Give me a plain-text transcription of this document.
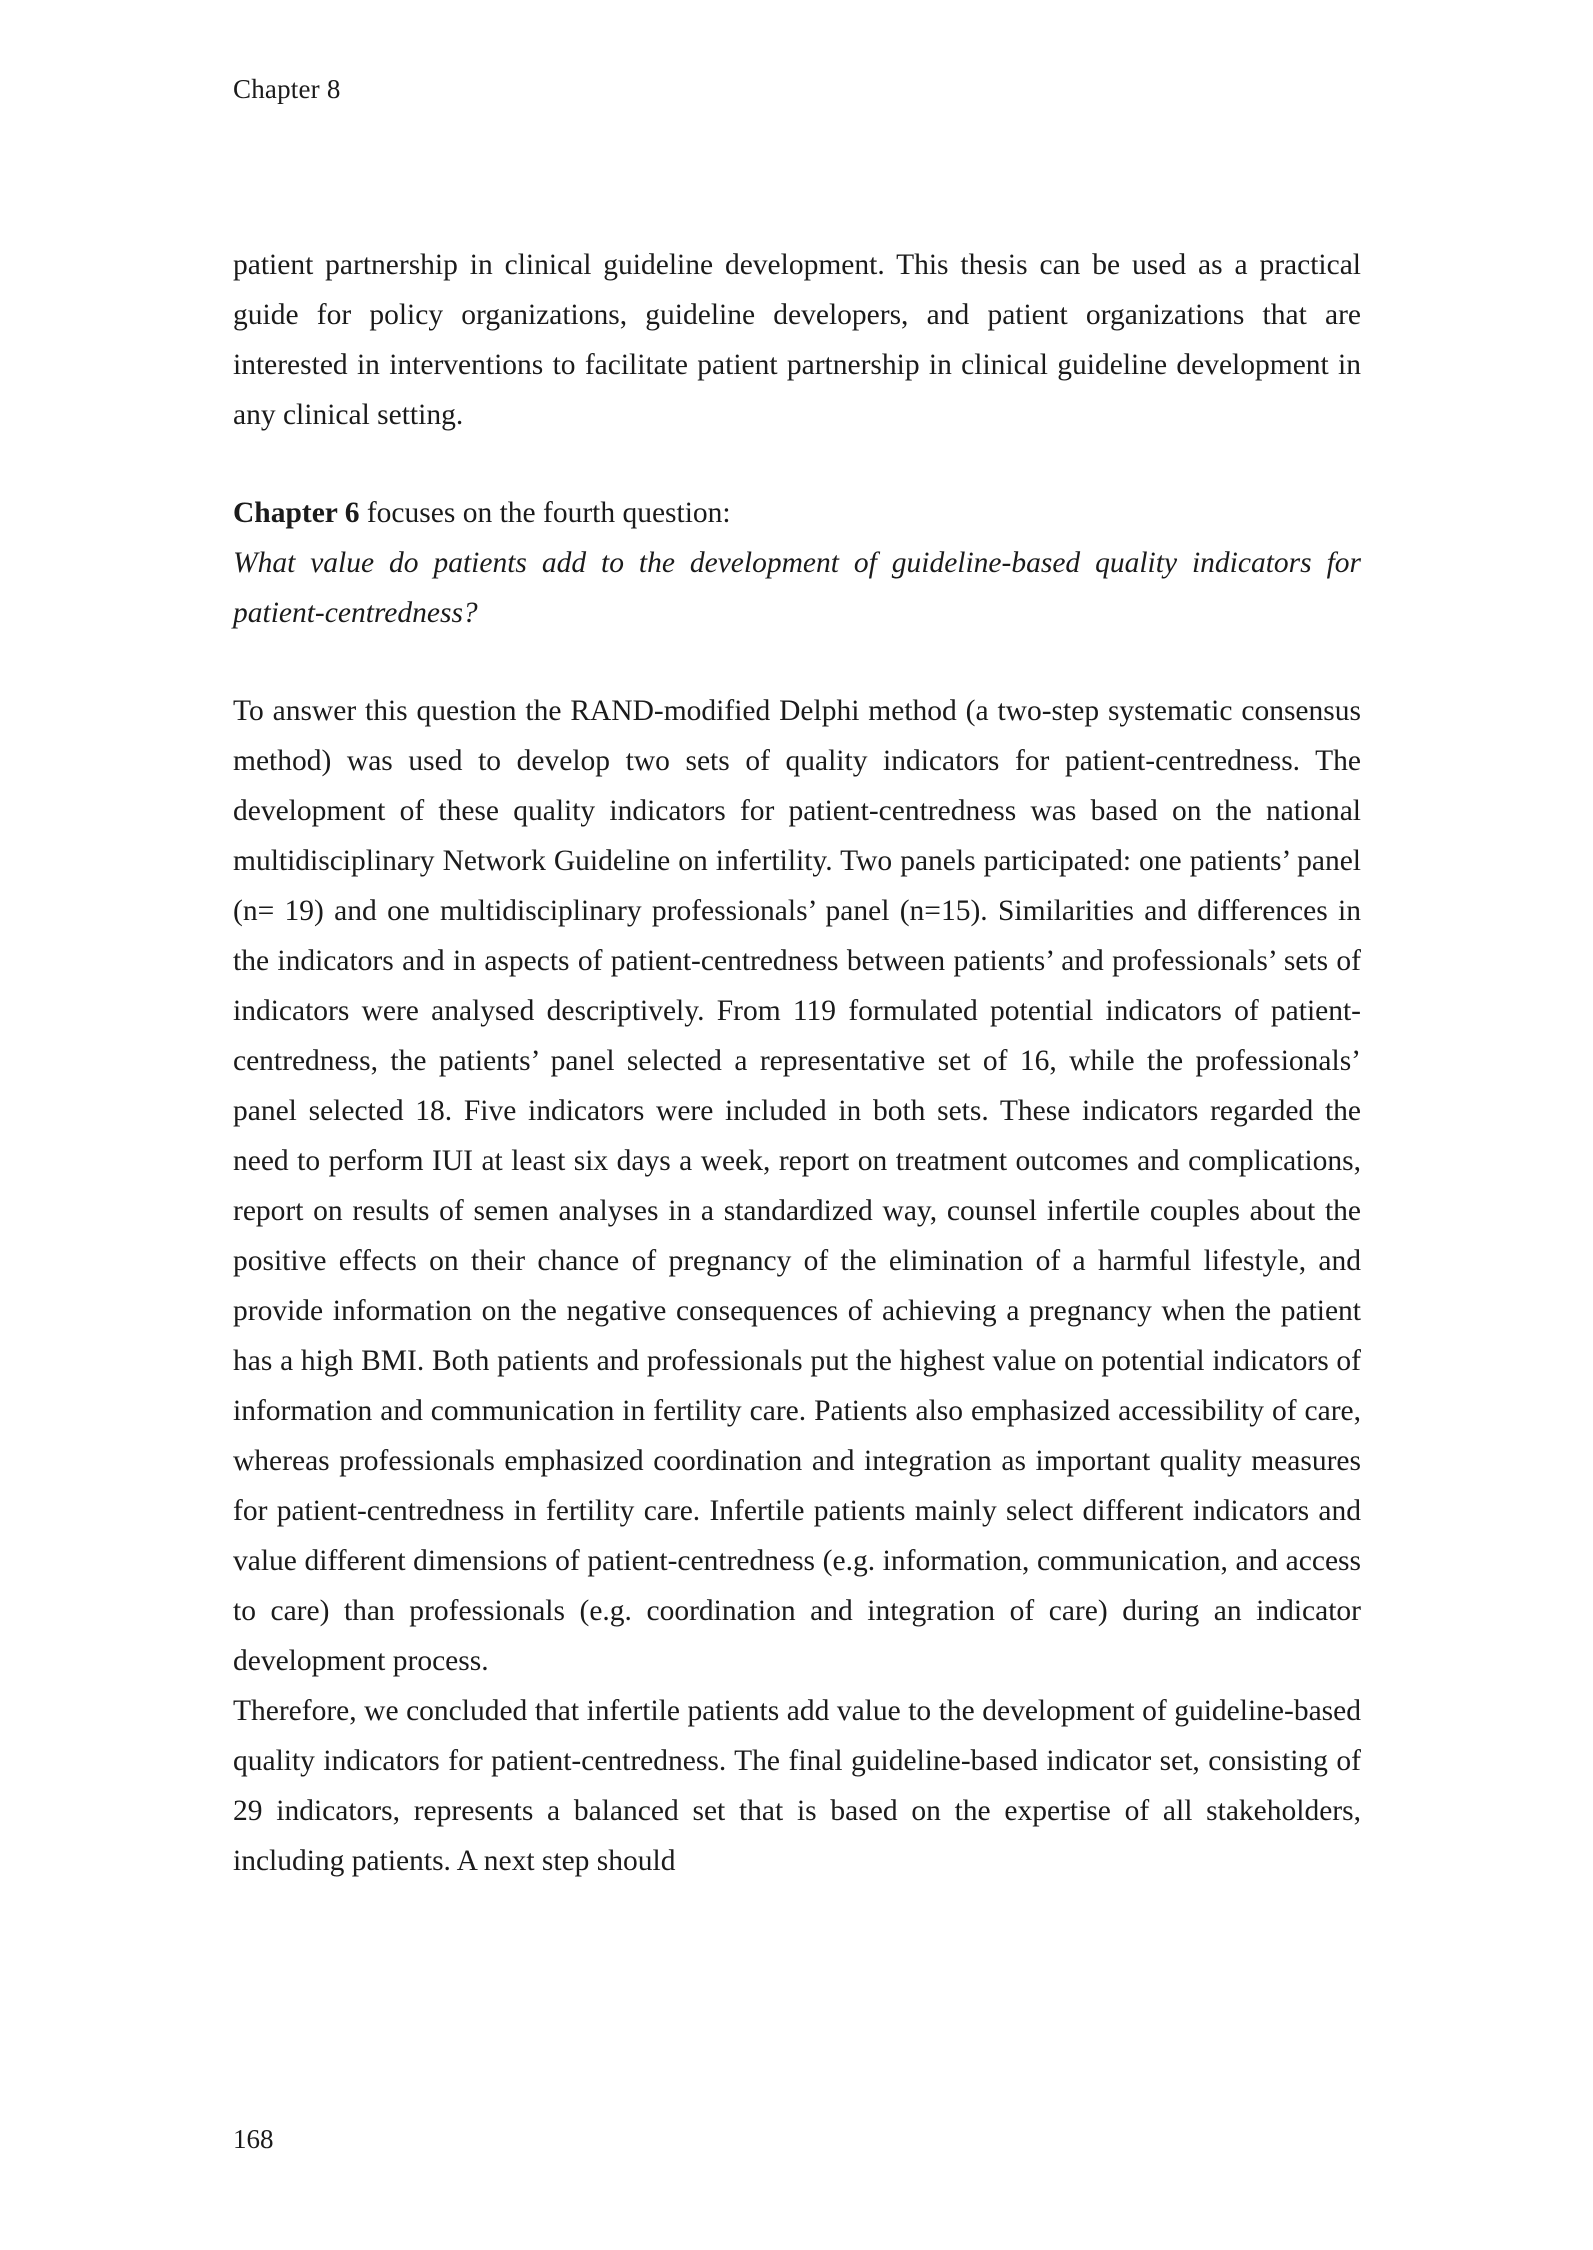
Chapter 8

patient partnership in clinical guideline development. This thesis can be used as a practical guide for policy organizations, guideline developers, and patient organizations that are interested in interventions to facilitate patient partnership in clinical guideline development in any clinical setting.

Chapter 6 focuses on the fourth question:

What value do patients add to the development of guideline-based quality indicators for patient-centredness?

To answer this question the RAND-modified Delphi method (a two-step systematic consensus method) was used to develop two sets of quality indicators for patient-centredness. The development of these quality indicators for patient-centredness was based on the national multidisciplinary Network Guideline on infertility. Two panels participated: one patients’ panel (n= 19) and one multidisciplinary professionals’ panel (n=15). Similarities and differences in the indicators and in aspects of patient-centredness between patients’ and professionals’ sets of indicators were analysed descriptively. From 119 formulated potential indicators of patient-centredness, the patients’ panel selected a representative set of 16, while the professionals’ panel selected 18. Five indicators were included in both sets. These indicators regarded the need to perform IUI at least six days a week, report on treatment outcomes and complications, report on results of semen analyses in a standardized way, counsel infertile couples about the positive effects on their chance of pregnancy of the elimination of a harmful lifestyle, and provide information on the negative consequences of achieving a pregnancy when the patient has a high BMI. Both patients and professionals put the highest value on potential indicators of information and communication in fertility care. Patients also emphasized accessibility of care, whereas professionals emphasized coordination and integration as important quality measures for patient-centredness in fertility care. Infertile patients mainly select different indicators and value different dimensions of patient-centredness (e.g. information, communication, and access to care) than professionals (e.g. coordination and integration of care) during an indicator development process.

Therefore, we concluded that infertile patients add value to the development of guideline-based quality indicators for patient-centredness. The final guideline-based indicator set, consisting of 29 indicators, represents a balanced set that is based on the expertise of all stakeholders, including patients. A next step should

168
